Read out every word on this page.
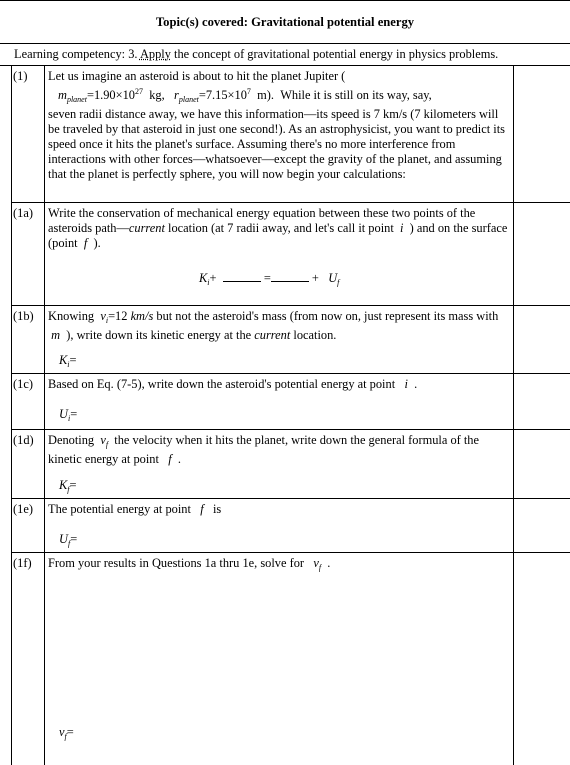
Topic(s) covered: Gravitational potential energy
Learning competency: 3. Apply the concept of gravitational potential energy in physics problems.
(1) Let us imagine an asteroid is about to hit the planet Jupiter (

$m_{planet}=1.90\times 10^{27}$ kg, $r_{planet}=7.15\times 10^7$ m). While it is still on its way, say,

seven radii distance away, we have this information—its speed is 7 km/s (7 kilometers will be traveled by that asteroid in just one second!). As an astrophysicist, you want to predict its speed once it hits the planet's surface. Assuming there's no more interference from interactions with other forces—whatsoever—except the gravity of the planet, and assuming that the planet is perfectly sphere, you will now begin your calculations:

(1a) Write the conservation of mechanical energy equation between these two points of the asteroids path—current location (at 7 radii away, and let's call it point  i ) and on the surface (point  f ).
$K_i+$	=	+ $U_f$
(1b) Knowing  $v_i=12$ km/s but not the asteroid's mass (from now on, just represent its mass with  m ), write down its kinetic energy at the current location.
$K_i=$
(1c) Based on Eq. (7-5), write down the asteroid's potential energy at point   i .
$U_i=$
(1d) Denoting  $v_f$  the velocity when it hits the planet, write down the general formula of the kinetic energy at point   f .
$K_f=$
(1e) The potential energy at point   f   is
$U_f=$
(1f) From your results in Questions 1a thru 1e, solve for   $v_f$ .
$v_f=$
